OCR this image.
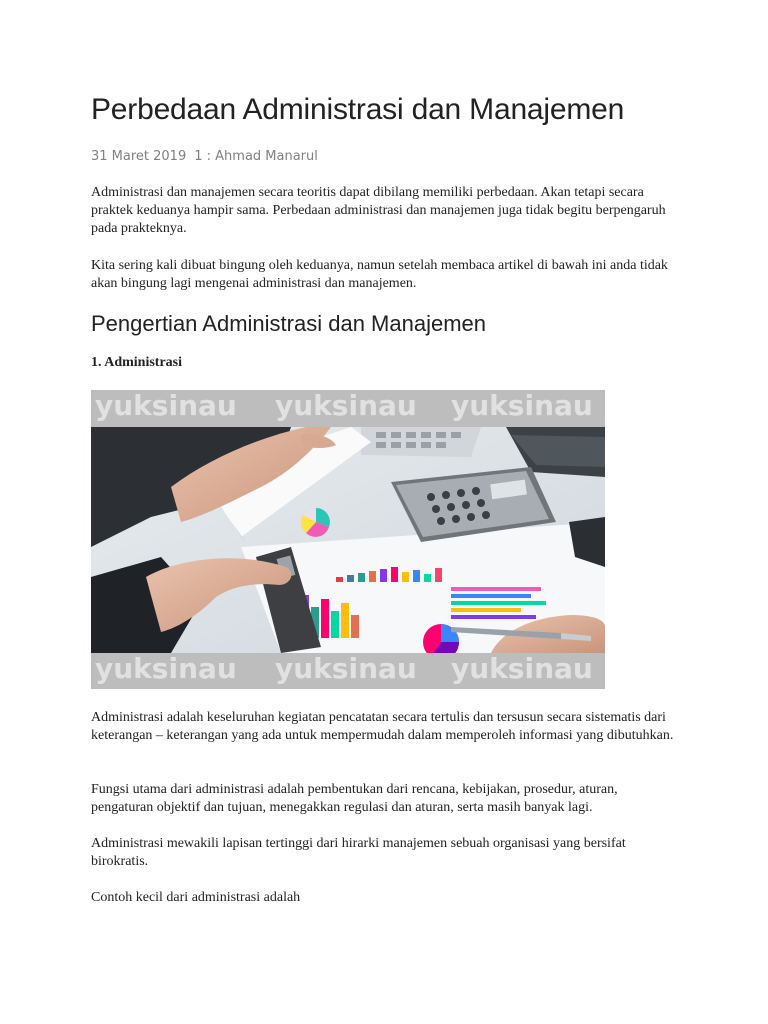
Perbedaan Administrasi dan Manajemen
31 Maret 2019 1 : Ahmad Manarul

Administrasi dan manajemen secara teoritis dapat dibilang memiliki perbedaan. Akan tetapi secara praktek keduanya hampir sama. Perbedaan administrasi dan manajemen juga tidak begitu berpengaruh pada prakteknya.

Kita sering kali dibuat bingung oleh keduanya, namun setelah membaca artikel di bawah ini anda tidak akan bingung lagi mengenai administrasi dan manajemen.

Pengertian Administrasi dan Manajemen
1. Administrasi
yuksinau yuksinau yuksinau
yuksinau yuksinau yuksinau

Administrasi adalah keseluruhan kegiatan pencatatan secara tertulis dan tersusun secara sistematis dari keterangan – keterangan yang ada untuk mempermudah dalam memperoleh informasi yang dibutuhkan.

Fungsi utama dari administrasi adalah pembentukan dari rencana, kebijakan, prosedur, aturan, pengaturan objektif dan tujuan, menegakkan regulasi dan aturan, serta masih banyak lagi.

Administrasi mewakili lapisan tertinggi dari hirarki manajemen sebuah organisasi yang bersifat birokratis.

Contoh kecil dari administrasi adalah
